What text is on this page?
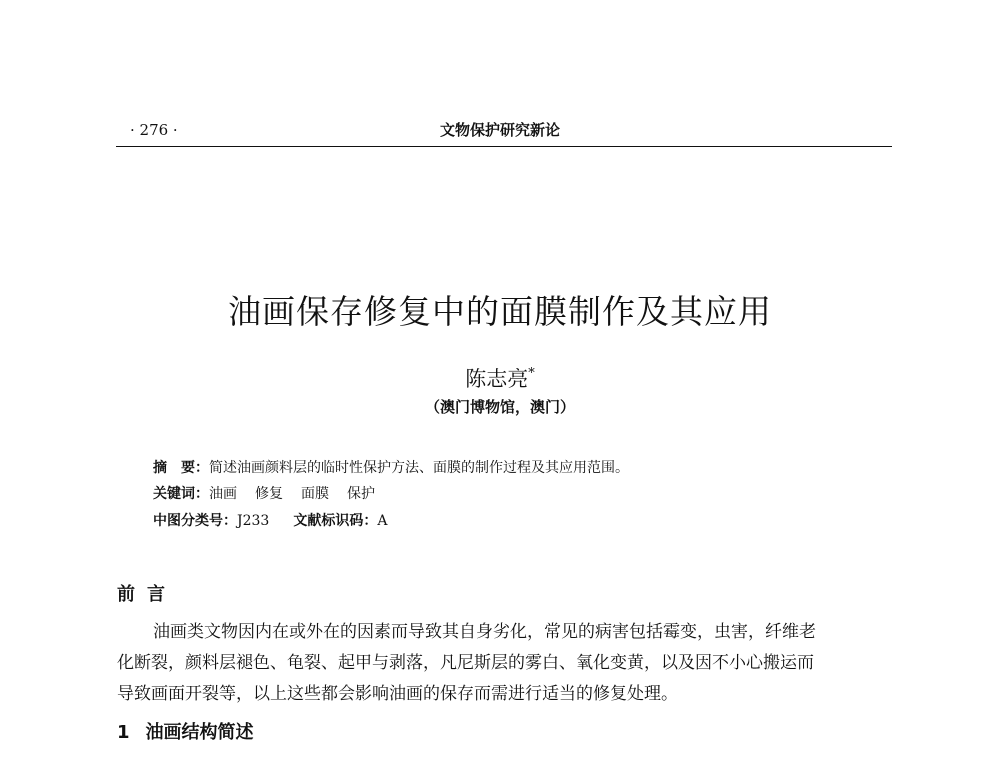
· 276 ·	文物保护研究新论
油画保存修复中的面膜制作及其应用
陈志亮*
（澳门博物馆，澳门）
摘　要：简述油画颜料层的临时性保护方法、面膜的制作过程及其应用范围。
关键词：油画 修复 面膜 保护
中图分类号：J233 文献标识码：A
前言
油画类文物因内在或外在的因素而导致其自身劣化，常见的病害包括霉变，虫害，纤维老
化断裂，颜料层褪色、龟裂、起甲与剥落，凡尼斯层的雾白、氧化变黄，以及因不小心搬运而
导致画面开裂等，以上这些都会影响油画的保存而需进行适当的修复处理。
1 油画结构简述
